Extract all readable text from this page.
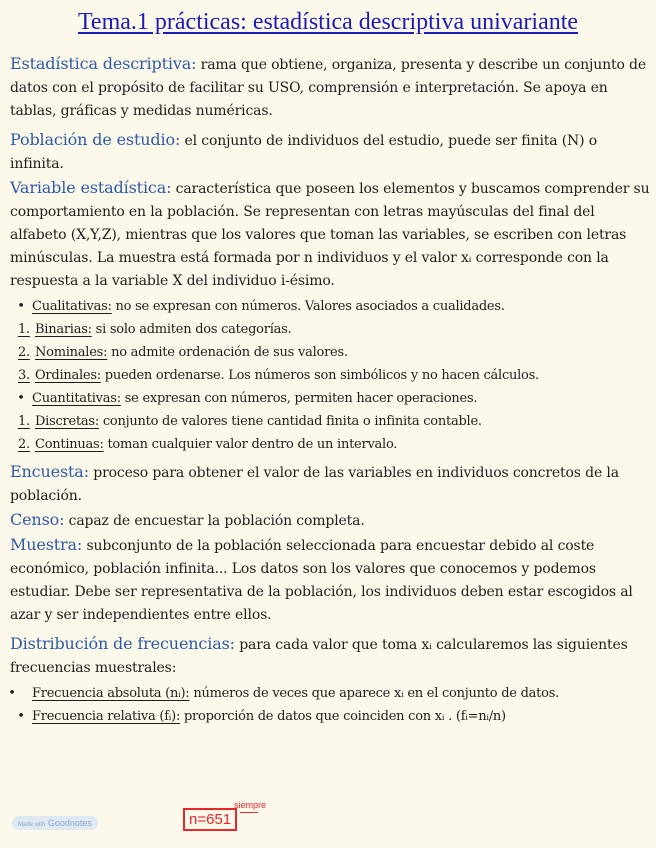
Tema.1 prácticas: estadística descriptiva univariante

Estadística descriptiva: rama que obtiene, organiza, presenta y describe un conjunto de datos con el propósito de facilitar su USO, comprensión e interpretación. Se apoya en tablas, gráficas y medidas numéricas.

Población de estudio: el conjunto de individuos del estudio, puede ser finita (N) o infinita.

Variable estadística: característica que poseen los elementos y buscamos comprender su comportamiento en la población. Se representan con letras mayúsculas del final del alfabeto (X,Y,Z), mientras que los valores que toman las variables, se escriben con letras minúsculas. La muestra está formada por n individuos y el valor xᵢ corresponde con la respuesta a la variable X del individuo i-ésimo.

• Cualitativas: no se expresan con números. Valores asociados a cualidades.
1. Binarias: si solo admiten dos categorías.
2. Nominales: no admite ordenación de sus valores.
3. Ordinales: pueden ordenarse. Los números son simbólicos y no hacen cálculos.
• Cuantitativas: se expresan con números, permiten hacer operaciones.
1. Discretas: conjunto de valores tiene cantidad finita o infinita contable.
2. Continuas: toman cualquier valor dentro de un intervalo.

Encuesta: proceso para obtener el valor de las variables en individuos concretos de la población.

Censo: capaz de encuestar la población completa.

Muestra: subconjunto de la población seleccionada para encuestar debido al coste económico, población infinita... Los datos son los valores que conocemos y podemos estudiar. Debe ser representativa de la población, los individuos deben estar escogidos al azar y ser independientes entre ellos.

Distribución de frecuencias: para cada valor que toma xᵢ calcularemos las siguientes frecuencias muestrales:

• Frecuencia absoluta (nᵢ): números de veces que aparece xᵢ en el conjunto de datos.
• Frecuencia relativa (fᵢ): proporción de datos que coinciden con xᵢ . (fᵢ=nᵢ/n)
Made with Goodnotes	n=651
siempre
